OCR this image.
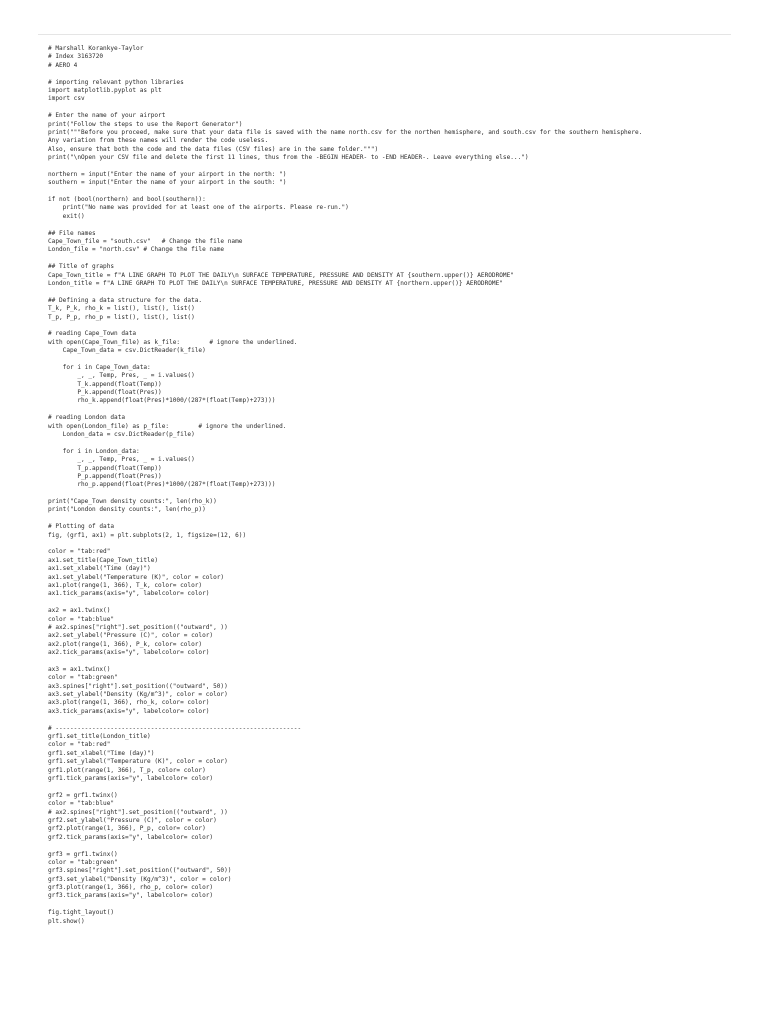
# Marshall Korankye-Taylor
# Index 3163720
# AERO 4
# importing relevant python libraries
import matplotlib.pyplot as plt
import csv
# Enter the name of your airport
print("Follow the steps to use the Report Generator")
print("""Before you proceed, make sure that your data file is saved with the name north.csv for the northen hemisphere, and south.csv for the southern hemisphere.
Any variation from these names will render the code useless.
Also, ensure that both the code and the data files (CSV files) are in the same folder.""")
print("\nOpen your CSV file and delete the first 11 lines, thus from the -BEGIN HEADER- to -END HEADER-. Leave everything else...")
northern = input("Enter the name of your airport in the north: ")
southern = input("Enter the name of your airport in the south: ")
if not (bool(northern) and bool(southern)):
print("No name was provided for at least one of the airports. Please re-run.")
exit()
## File names
Cape_Town_file = "south.csv"   # Change the file name
London_file = "north.csv" # Change the file name
## Title of graphs
Cape_Town_title = f"A LINE GRAPH TO PLOT THE DAILY\n SURFACE TEMPERATURE, PRESSURE AND DENSITY AT {southern.upper()} AERODROME"
London_title = f"A LINE GRAPH TO PLOT THE DAILY\n SURFACE TEMPERATURE, PRESSURE AND DENSITY AT {northern.upper()} AERODROME"
## Defining a data structure for the data.
T_k, P_k, rho_k = list(), list(), list()
T_p, P_p, rho_p = list(), list(), list()
# reading Cape_Town data
with open(Cape_Town_file) as k_file:        # ignore the underlined.
Cape_Town_data = csv.DictReader(k_file)
for i in Cape_Town_data:
_, _, Temp, Pres, _ = i.values()
T_k.append(float(Temp))
P_k.append(float(Pres))
rho_k.append(float(Pres)*1000/(287*(float(Temp)+273)))
# reading London data
with open(London_file) as p_file:        # ignore the underlined.
London_data = csv.DictReader(p_file)
for i in London_data:
_, _, Temp, Pres, _ = i.values()
T_p.append(float(Temp))
P_p.append(float(Pres))
rho_p.append(float(Pres)*1000/(287*(float(Temp)+273)))
print("Cape_Town density counts:", len(rho_k))
print("London density counts:", len(rho_p))
# Plotting of data
fig, (grf1, ax1) = plt.subplots(2, 1, figsize=(12, 6))
color = "tab:red"
ax1.set_title(Cape_Town_title)
ax1.set_xlabel("Time (day)")
ax1.set_ylabel("Temperature (K)", color = color)
ax1.plot(range(1, 366), T_k, color= color)
ax1.tick_params(axis="y", labelcolor= color)
ax2 = ax1.twinx()
color = "tab:blue"
# ax2.spines["right"].set_position(("outward", ))
ax2.set_ylabel("Pressure (C)", color = color)
ax2.plot(range(1, 366), P_k, color= color)
ax2.tick_params(axis="y", labelcolor= color)
ax3 = ax1.twinx()
color = "tab:green"
ax3.spines["right"].set_position(("outward", 50))
ax3.set_ylabel("Density (Kg/m^3)", color = color)
ax3.plot(range(1, 366), rho_k, color= color)
ax3.tick_params(axis="y", labelcolor= color)
# -------------------------------------------------------------------
grf1.set_title(London_title)
color = "tab:red"
grf1.set_xlabel("Time (day)")
grf1.set_ylabel("Temperature (K)", color = color)
grf1.plot(range(1, 366), T_p, color= color)
grf1.tick_params(axis="y", labelcolor= color)
grf2 = grf1.twinx()
color = "tab:blue"
# ax2.spines["right"].set_position(("outward", ))
grf2.set_ylabel("Pressure (C)", color = color)
grf2.plot(range(1, 366), P_p, color= color)
grf2.tick_params(axis="y", labelcolor= color)
grf3 = grf1.twinx()
color = "tab:green"
grf3.spines["right"].set_position(("outward", 50))
grf3.set_ylabel("Density (Kg/m^3)", color = color)
grf3.plot(range(1, 366), rho_p, color= color)
grf3.tick_params(axis="y", labelcolor= color)
fig.tight_layout()
plt.show()
